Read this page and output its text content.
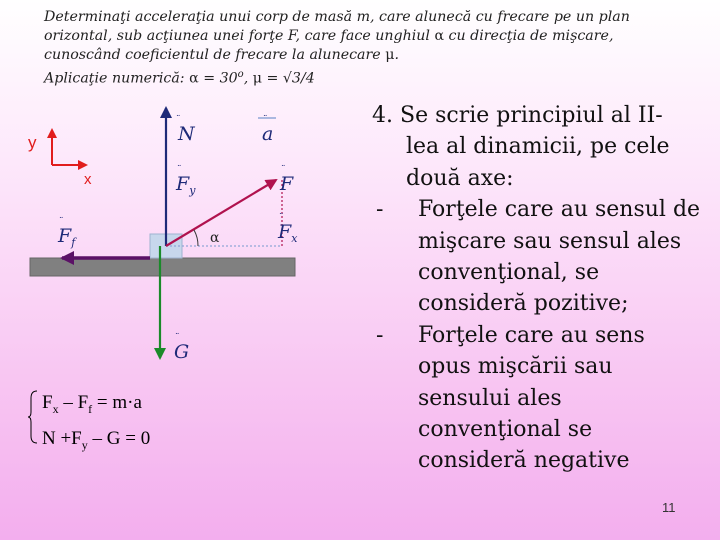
Determinaţi acceleraţia unui corp de masă m, care alunecă cu frecare pe un plan

orizontal, sub acţiunea unei forţe F, care face unghiul α cu direcţia de mişcare,

cunoscând coeficientul de frecare la alunecare μ.

Aplicaţie numerică: $\alpha = 30^o$, μ = √3/4

y
x
N
¨
a
¨
$F_y$
¨
F
¨
$F_x$
¨
$F_f$
¨
G
¨
α
$F_x - F_f = m\cdot a$
$N +F_y - G = 0$
4. Se scrie principiul al II-
lea al dinamicii, pe cele două axe:
- Forţele care au sensul de mişcare sau sensul ales convenţional, se consideră pozitive;
- Forţele care au sens opus mişcării sau sensului ales convenţional se consideră negative
11
